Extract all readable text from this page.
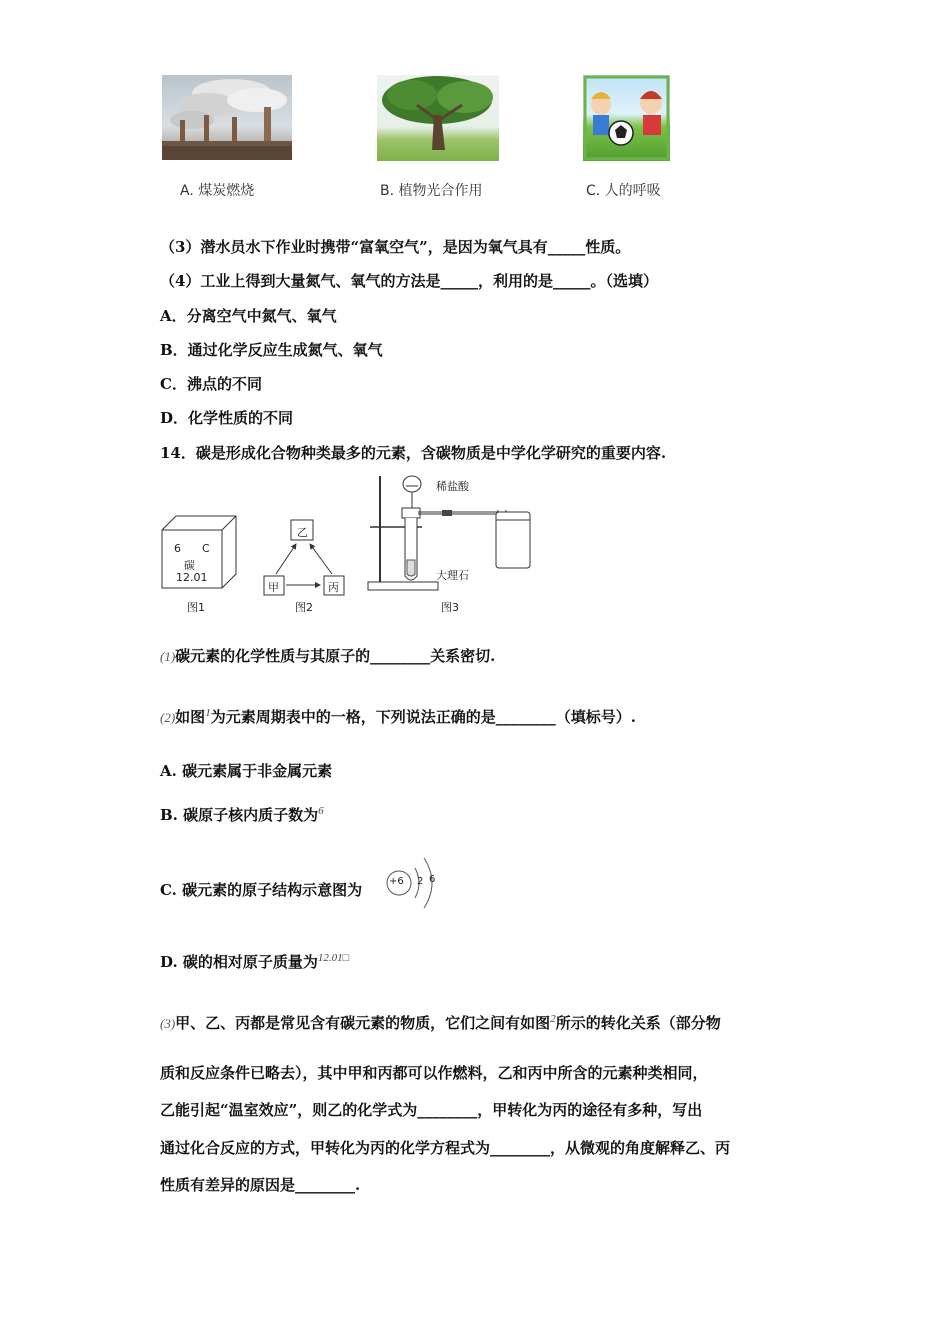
A. 煤炭燃烧	B. 植物光合作用	C. 人的呼吸
（3）潜水员水下作业时携带“富氧空气”，是因为氧气具有_____性质。
（4）工业上得到大量氮气、氧气的方法是_____，利用的是_____。（选填）
A．分离空气中氮气、氧气
B．通过化学反应生成氮气、氧气
C．沸点的不同
D．化学性质的不同
14．碳是形成化合物种类最多的元素，含碳物质是中学化学研究的重要内容.
6 C
碳
12.01
图1
乙
甲	丙
图2
稀盐酸
大理石
图3
(1)碳元素的化学性质与其原子的________关系密切.
(2)如图$^1$为元素周期表中的一格，下列说法正确的是________（填标号）.
A. 碳元素属于非金属元素
B. 碳原子核内质子数为$^6$
C. 碳元素的原子结构示意图为	+6 2 6
D. 碳的相对原子质量为$^{12.01□}$
(3)甲、乙、丙都是常见含有碳元素的物质，它们之间有如图$^2$所示的转化关系（部分物
质和反应条件已略去），其中甲和丙都可以作燃料，乙和丙中所含的元素种类相同，
乙能引起“温室效应”，则乙的化学式为________，甲转化为丙的途径有多种，写出
通过化合反应的方式，甲转化为丙的化学方程式为________，从微观的角度解释乙、丙
性质有差异的原因是________.
